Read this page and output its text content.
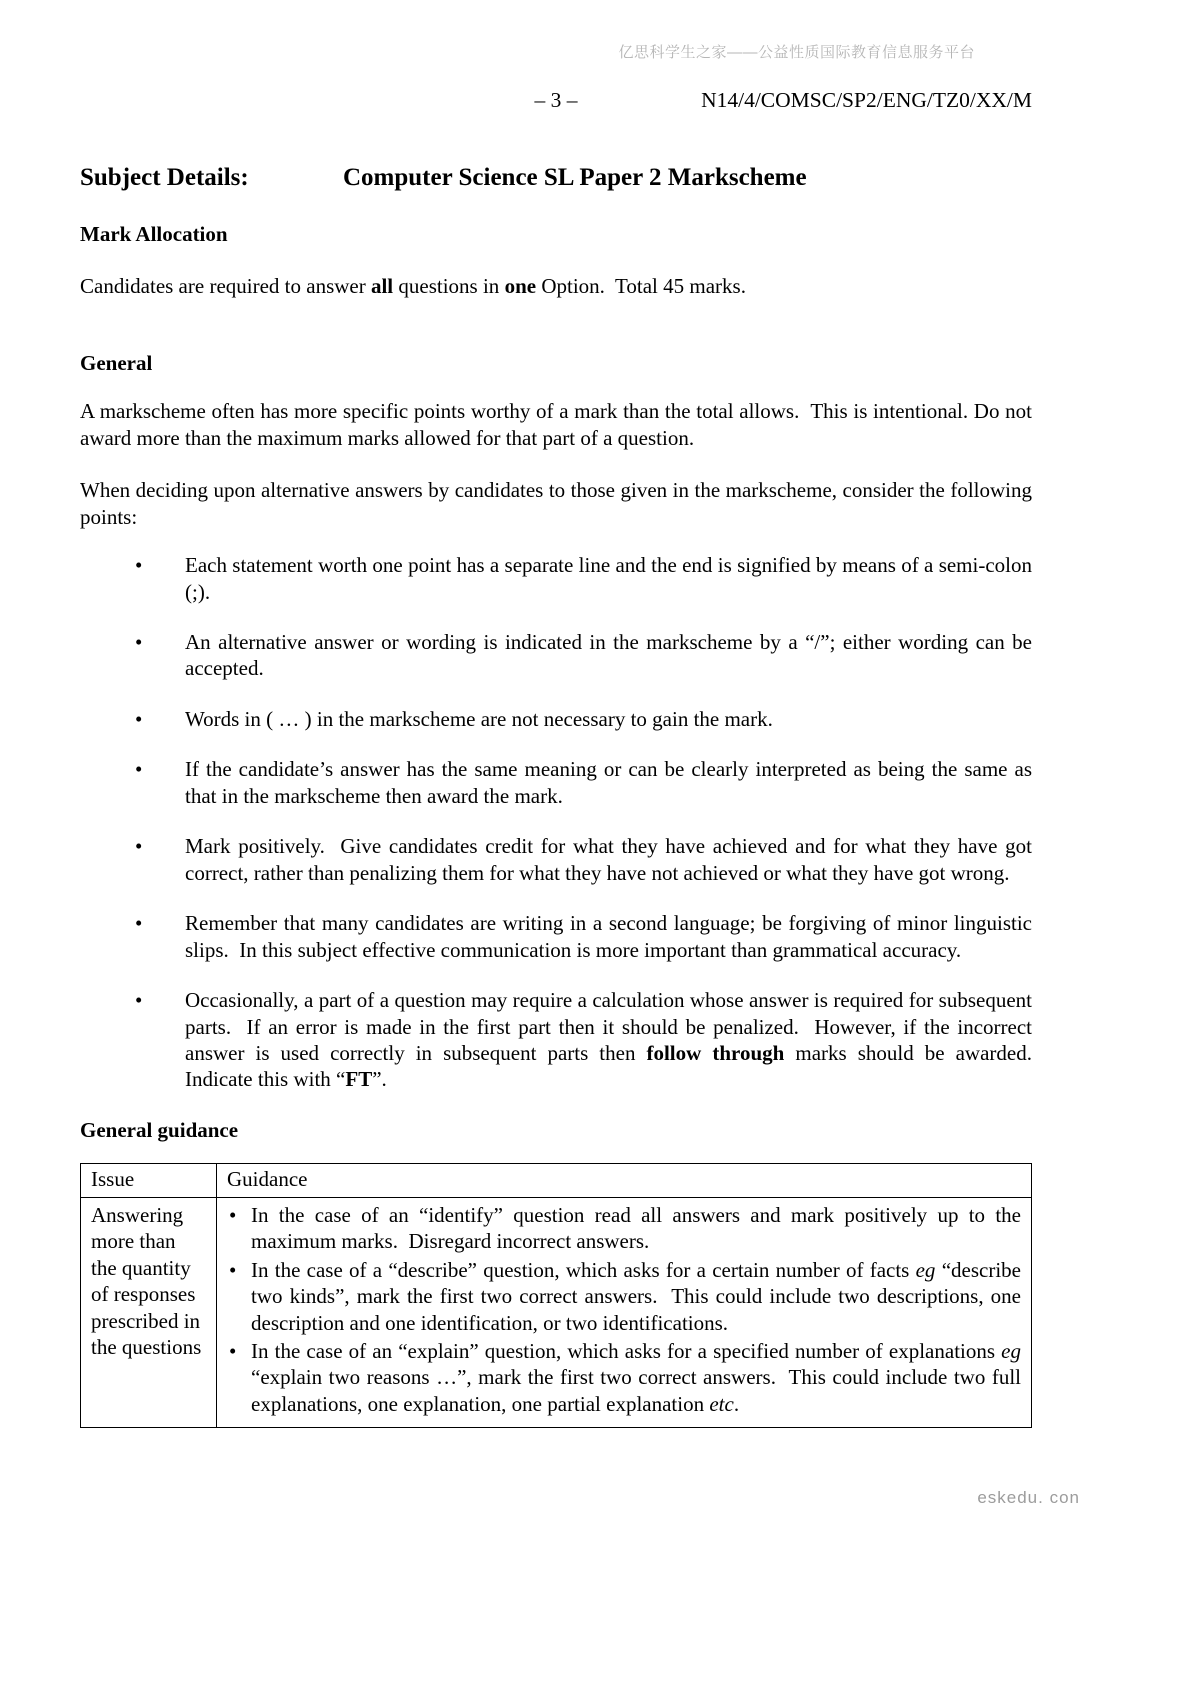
亿思科学生之家——公益性质国际教育信息服务平台
– 3 –	N14/4/COMSC/SP2/ENG/TZ0/XX/M
Subject Details:	Computer Science SL Paper 2 Markscheme
Mark Allocation

Candidates are required to answer all questions in one Option.  Total 45 marks.

General

A markscheme often has more specific points worthy of a mark than the total allows.  This is intentional. Do not award more than the maximum marks allowed for that part of a question.

When deciding upon alternative answers by candidates to those given in the markscheme, consider the following points:

• Each statement worth one point has a separate line and the end is signified by means of a semi-colon (;).
• An alternative answer or wording is indicated in the markscheme by a “/”; either wording can be accepted.
• Words in ( … ) in the markscheme are not necessary to gain the mark.
• If the candidate’s answer has the same meaning or can be clearly interpreted as being the same as that in the markscheme then award the mark.
• Mark positively.  Give candidates credit for what they have achieved and for what they have got correct, rather than penalizing them for what they have not achieved or what they have got wrong.
• Remember that many candidates are writing in a second language; be forgiving of minor linguistic slips.  In this subject effective communication is more important than grammatical accuracy.
• Occasionally, a part of a question may require a calculation whose answer is required for subsequent parts.  If an error is made in the first part then it should be penalized.  However, if the incorrect answer is used correctly in subsequent parts then follow through marks should be awarded.  Indicate this with “FT”.
General guidance
Issue	Guidance
Answering more than the quantity of responses prescribed in the questions	
• In the case of an “identify” question read all answers and mark positively up to the maximum marks.  Disregard incorrect answers.
• In the case of a “describe” question, which asks for a certain number of facts eg “describe two kinds”, mark the first two correct answers.  This could include two descriptions, one description and one identification, or two identifications.
• In the case of an “explain” question, which asks for a specified number of explanations eg “explain two reasons …”, mark the first two correct answers.  This could include two full explanations, one explanation, one partial explanation etc.
eskedu. con
